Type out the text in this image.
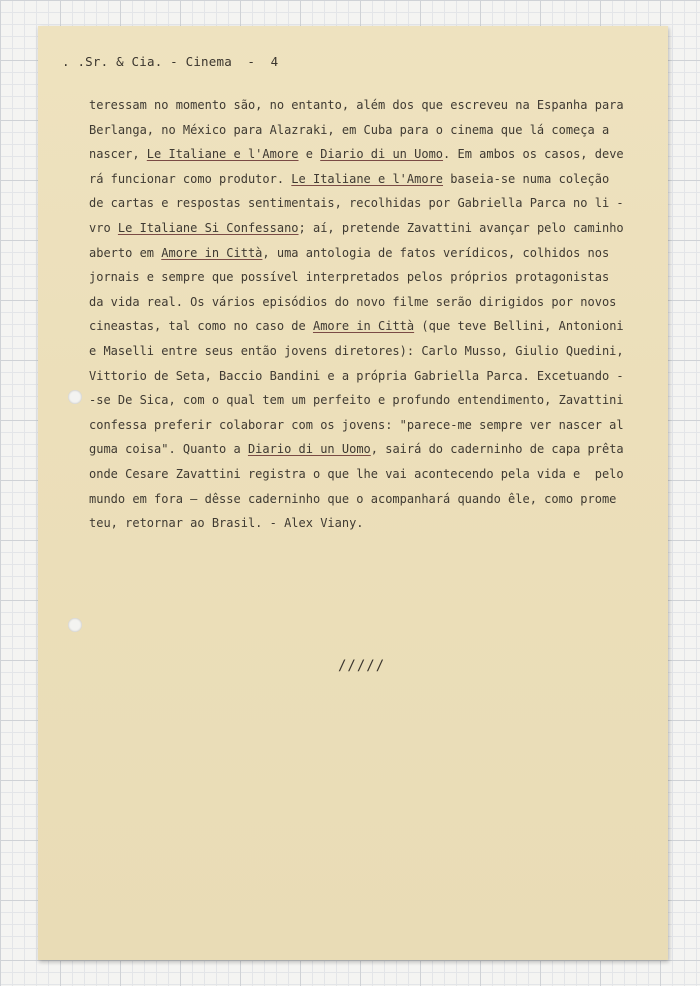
. .Sr. & Cia. - Cinema  -  4
teressam no momento são, no entanto, além dos que escreveu na Espanha para
Berlanga, no México para Alazraki, em Cuba para o cinema que lá começa a
nascer, Le Italiane e l'Amore e Diario di un Uomo. Em ambos os casos, deve
rá funcionar como produtor. Le Italiane e l'Amore baseia-se numa coleção
de cartas e respostas sentimentais, recolhidas por Gabriella Parca no li -
vro Le Italiane Si Confessano; aí, pretende Zavattini avançar pelo caminho
aberto em Amore in Città, uma antologia de fatos verídicos, colhidos nos
jornais e sempre que possível interpretados pelos próprios protagonistas
da vida real. Os vários episódios do novo filme serão dirigidos por novos
cineastas, tal como no caso de Amore in Città (que teve Bellini, Antonioni
e Maselli entre seus então jovens diretores): Carlo Musso, Giulio Quedini,
Vittorio de Seta, Baccio Bandini e a própria Gabriella Parca. Excetuando -
-se De Sica, com o qual tem um perfeito e profundo entendimento, Zavattini
confessa preferir colaborar com os jovens: "parece-me sempre ver nascer al
guma coisa". Quanto a Diario di un Uomo, sairá do caderninho de capa prêta
onde Cesare Zavattini registra o que lhe vai acontecendo pela vida e  pelo
mundo em fora — dêsse caderninho que o acompanhará quando êle, como prome
teu, retornar ao Brasil. - Alex Viany.
/////
